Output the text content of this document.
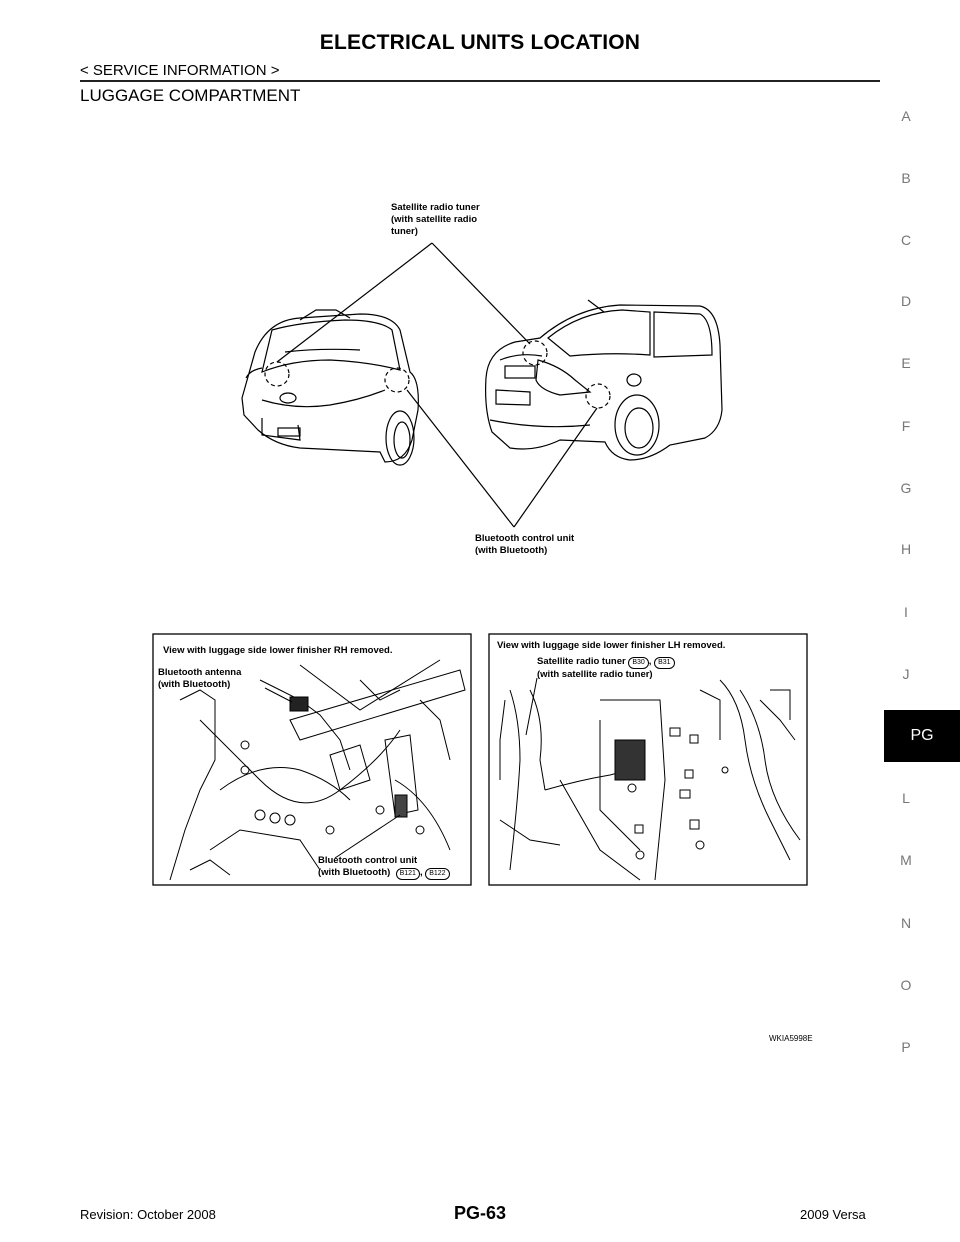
ELECTRICAL UNITS LOCATION
< SERVICE INFORMATION >
LUGGAGE COMPARTMENT
A
B
C
D
E
F
G
H
I
J
PG
L
M
N
O
P
Satellite radio tuner
(with satellite radio
tuner)
Bluetooth control unit
(with Bluetooth)
View with luggage side lower finisher RH removed.
Bluetooth antenna
(with Bluetooth)
Bluetooth control unit
(with Bluetooth) B121 , B122
View with luggage side lower finisher LH removed.
Satellite radio tuner B30 , B31
(with satellite radio tuner)
WKIA5998E
Revision: October 2008	PG-63	2009 Versa
